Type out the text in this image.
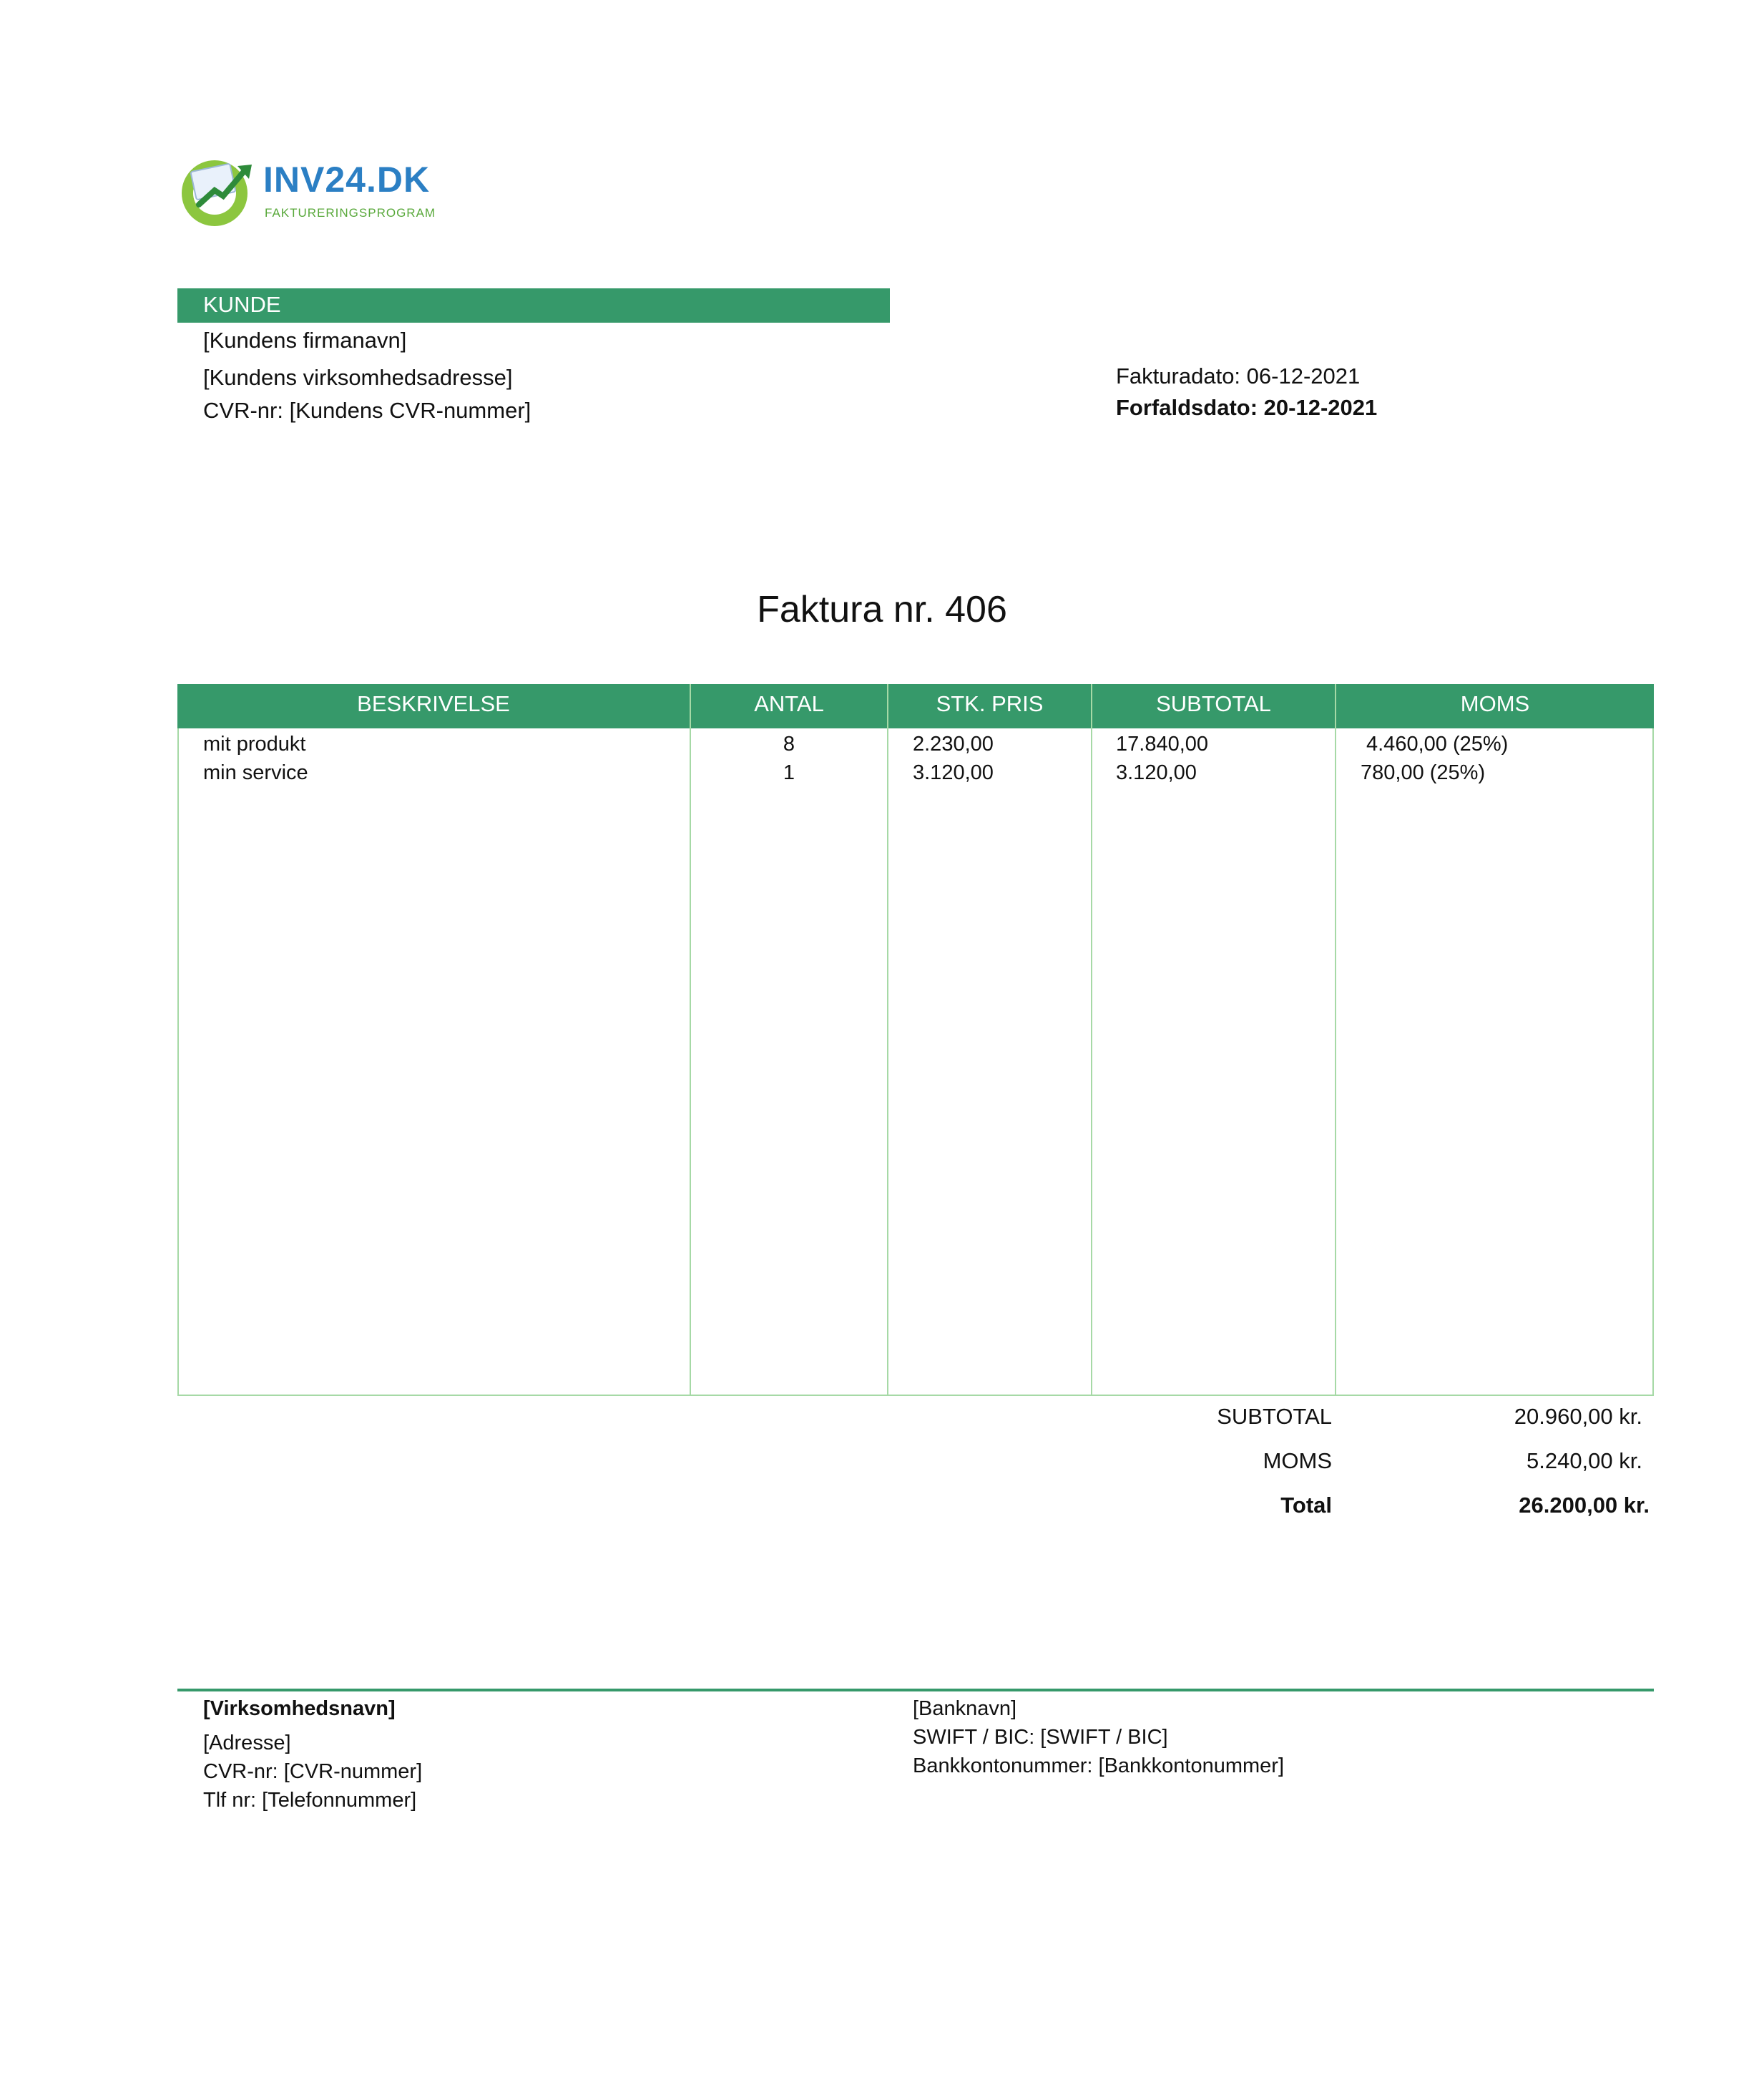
INV24.DK
FAKTURERINGSPROGRAM
KUNDE
[Kundens firmanavn]
[Kundens virksomhedsadresse]
CVR-nr: [Kundens CVR-nummer]
Fakturadato: 06-12-2021
Forfaldsdato: 20-12-2021
Faktura nr. 406
BESKRIVELSE	ANTAL	STK. PRIS	SUBTOTAL	MOMS
mit produkt	8	2.230,00	17.840,00	4.460,00 (25%)
min service	1	3.120,00	3.120,00	780,00 (25%)
SUBTOTAL	20.960,00 kr.
MOMS	5.240,00 kr.
Total	26.200,00 kr.
[Virksomhedsnavn]
[Adresse]
CVR-nr: [CVR-nummer]
Tlf nr: [Telefonnummer]
[Banknavn]
SWIFT / BIC: [SWIFT / BIC]
Bankkontonummer: [Bankkontonummer]
